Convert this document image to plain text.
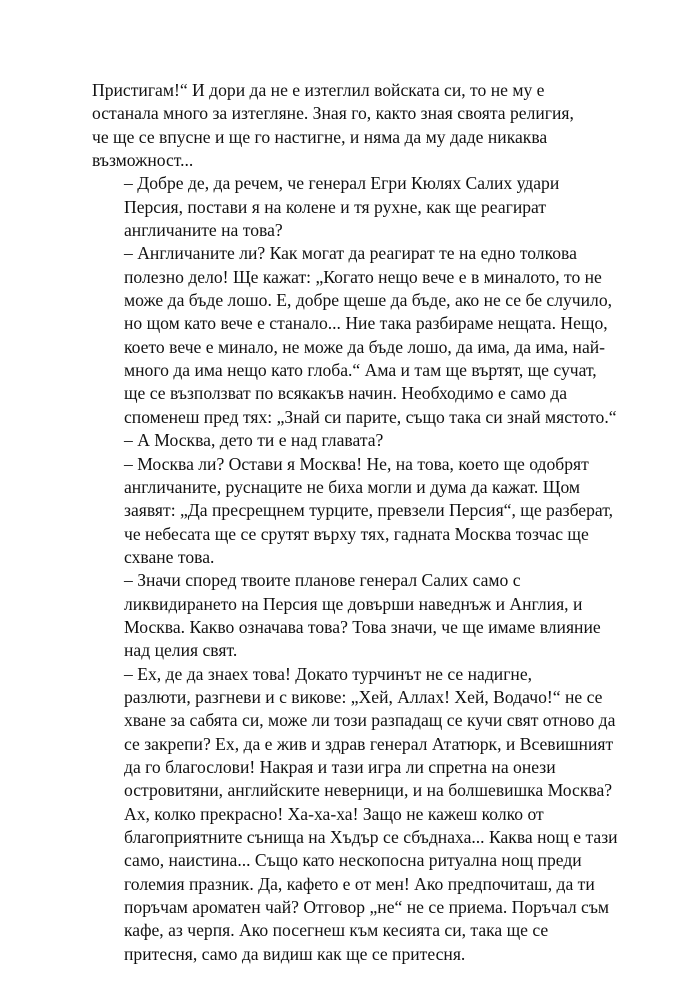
Пристигам!“ И дори да не е изтеглил войската си, то не му е
останала много за изтегляне. Зная го, както зная своята религия,
че ще се впусне и ще го настигне, и няма да му даде никаква
възможност...
– Добре де, да речем, че генерал Егри Кюлях Салих удари
Персия, постави я на колене и тя рухне, как ще реагират
англичаните на това?
– Англичаните ли? Как могат да реагират те на едно толкова
полезно дело! Ще кажат: „Когато нещо вече е в миналото, то не
може да бъде лошо. Е, добре щеше да бъде, ако не се бе случило,
но щом като вече е станало... Ние така разбираме нещата. Нещо,
което вече е минало, не може да бъде лошо, да има, да има, най-
много да има нещо като глоба.“ Ама и там ще въртят, ще сучат,
ще се възползват по всякакъв начин. Необходимо е само да
споменеш пред тях: „Знай си парите, също така си знай мястото.“
– А Москва, дето ти е над главата?
– Москва ли? Остави я Москва! Не, на това, което ще одобрят
англичаните, руснаците не биха могли и дума да кажат. Щом
заявят: „Да пресрещнем турците, превзели Персия“, ще разберат,
че небесата ще се срутят върху тях, гадната Москва тозчас ще
схване това.
– Значи според твоите планове генерал Салих само с
ликвидирането на Персия ще довърши наведнъж и Англия, и
Москва. Какво означава това? Това значи, че ще имаме влияние
над целия свят.
– Ех, де да знаех това! Докато турчинът не се надигне,
разлюти, разгневи и с викове: „Хей, Аллах! Хей, Водачо!“ не се
хване за сабята си, може ли този разпадащ се кучи свят отново да
се закрепи? Ех, да е жив и здрав генерал Ататюрк, и Всевишният
да го благослови! Накрая и тази игра ли спретна на онези
островитяни, английските неверници, и на болшевишка Москва?
Ах, колко прекрасно! Ха-ха-ха! Защо не кажеш колко от
благоприятните сънища на Хъдър се сбъднаха... Каква нощ е тази
само, наистина... Също като нескопосна ритуална нощ преди
големия празник. Да, кафето е от мен! Ако предпочиташ, да ти
поръчам ароматен чай? Отговор „не“ не се приема. Поръчал съм
кафе, аз черпя. Ако посегнеш към кесията си, така ще се
притесня, само да видиш как ще се притесня.
